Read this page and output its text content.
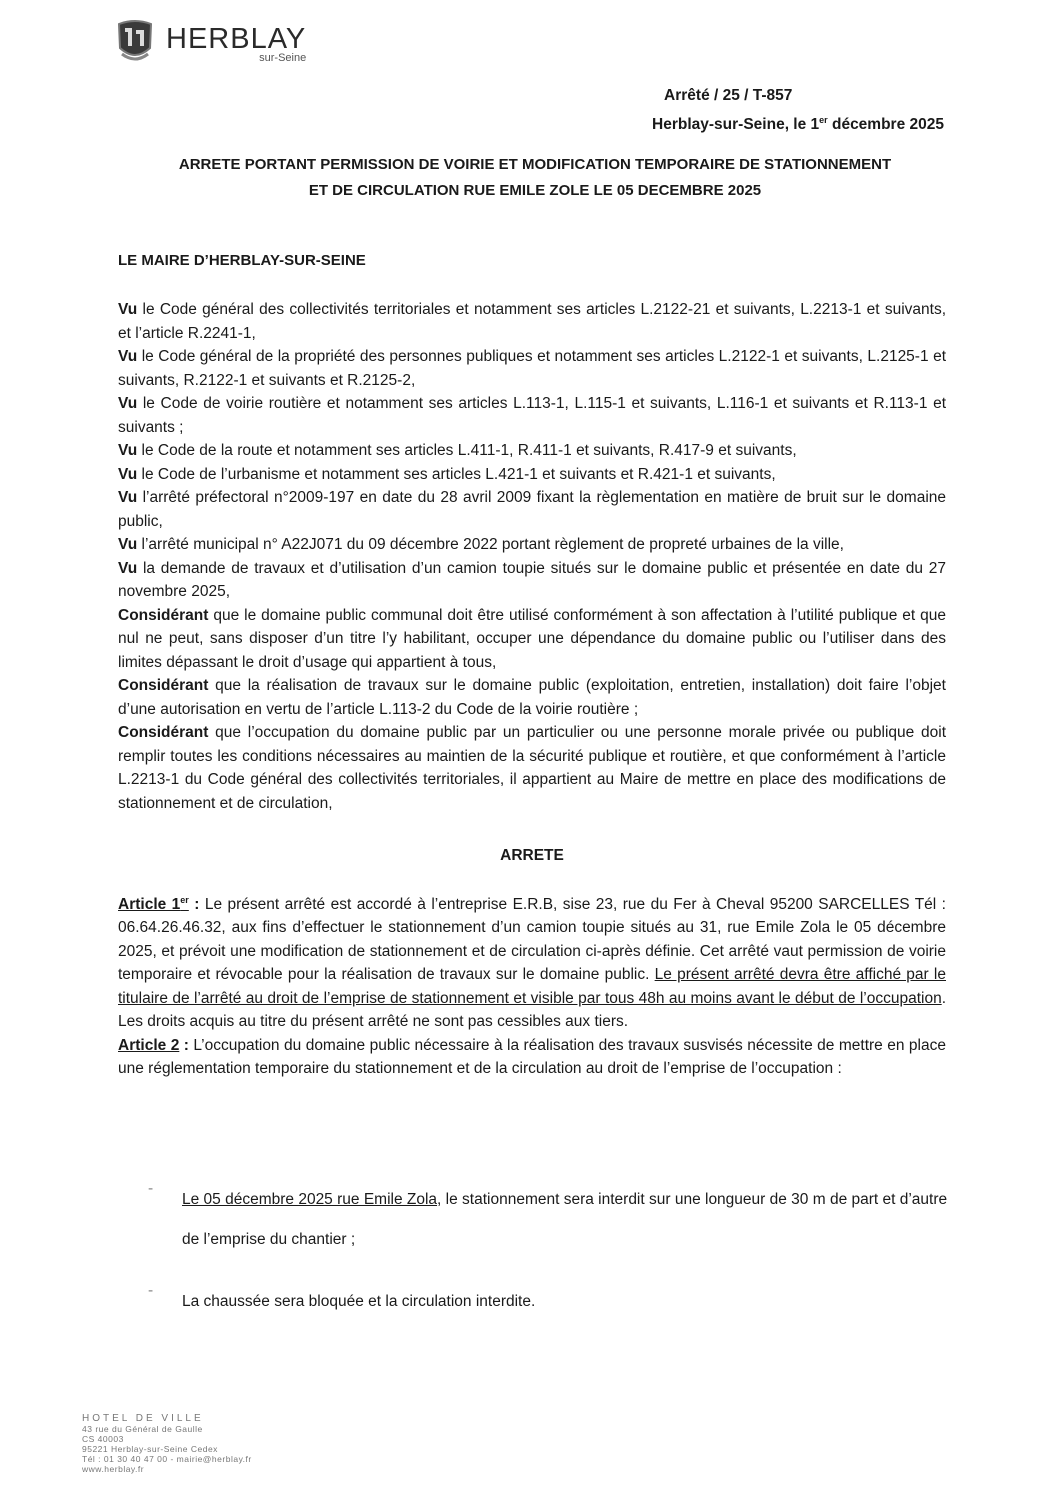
HERBLAY
sur-Seine
Arrêté / 25 / T-857
Herblay-sur-Seine, le 1er décembre 2025
ARRETE PORTANT PERMISSION DE VOIRIE ET MODIFICATION TEMPORAIRE DE STATIONNEMENT
ET DE CIRCULATION RUE EMILE ZOLE LE 05 DECEMBRE 2025
LE MAIRE D’HERBLAY-SUR-SEINE

Vu le Code général des collectivités territoriales et notamment ses articles L.2122-21 et suivants, L.2213-1 et suivants, et l’article R.2241-1,

Vu le Code général de la propriété des personnes publiques et notamment ses articles L.2122-1 et suivants, L.2125-1 et suivants, R.2122-1 et suivants et R.2125-2,

Vu le Code de voirie routière et notamment ses articles L.113-1, L.115-1 et suivants, L.116-1 et suivants et R.113-1 et suivants ;

Vu le Code de la route et notamment ses articles L.411-1, R.411-1 et suivants, R.417-9 et suivants,

Vu le Code de l’urbanisme et notamment ses articles L.421-1 et suivants et R.421-1 et suivants,

Vu l’arrêté préfectoral n°2009-197 en date du 28 avril 2009 fixant la règlementation en matière de bruit sur le domaine public,

Vu l’arrêté municipal n° A22J071 du 09 décembre 2022 portant règlement de propreté urbaines de la ville,

Vu la demande de travaux et d’utilisation d’un camion toupie situés sur le domaine public et présentée en date du 27 novembre 2025,

Considérant que le domaine public communal doit être utilisé conformément à son affectation à l’utilité publique et que nul ne peut, sans disposer d’un titre l’y habilitant, occuper une dépendance du domaine public ou l’utiliser dans des limites dépassant le droit d’usage qui appartient à tous,

Considérant que la réalisation de travaux sur le domaine public (exploitation, entretien, installation) doit faire l’objet d’une autorisation en vertu de l’article L.113-2 du Code de la voirie routière ;

Considérant que l’occupation du domaine public par un particulier ou une personne morale privée ou publique doit remplir toutes les conditions nécessaires au maintien de la sécurité publique et routière, et que conformément à l’article L.2213-1 du Code général des collectivités territoriales, il appartient au Maire de mettre en place des modifications de stationnement et de circulation,

ARRETE

Article 1er : Le présent arrêté est accordé à l’entreprise E.R.B, sise 23, rue du Fer à Cheval 95200 SARCELLES Tél : 06.64.26.46.32, aux fins d’effectuer le stationnement d’un camion toupie situés au 31, rue Emile Zola le 05 décembre 2025, et prévoit une modification de stationnement et de circulation ci-après définie. Cet arrêté vaut permission de voirie temporaire et révocable pour la réalisation de travaux sur le domaine public. Le présent arrêté devra être affiché par le titulaire de l’arrêté au droit de l’emprise de stationnement et visible par tous 48h au moins avant le début de l’occupation. Les droits acquis au titre du présent arrêté ne sont pas cessibles aux tiers.

Article 2 : L’occupation du domaine public nécessaire à la réalisation des travaux susvisés nécessite de mettre en place une réglementation temporaire du stationnement et de la circulation au droit de l’emprise de l’occupation :

-
Le 05 décembre 2025 rue Emile Zola, le stationnement sera interdit sur une longueur de 30 m de part et d’autre de l’emprise du chantier ;
-
La chaussée sera bloquée et la circulation interdite.
HOTEL DE VILLE
43 rue du Général de Gaulle
CS 40003
95221 Herblay-sur-Seine Cedex
Tél : 01 30 40 47 00 - mairie@herblay.fr
www.herblay.fr
